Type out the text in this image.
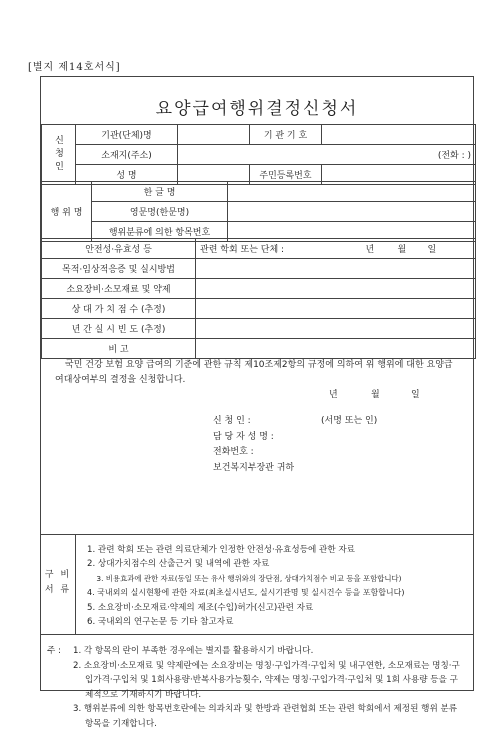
[별지 제14호서식]
요양급여행위결정신청서
신청인	기관(단체)명		기 관 기 호	
	소재지(주소)	(전화 : )		
	성 명		주민등록번호	
행 위 명	한 글 명	
	영문명(한문명)	
	행위분류에 의한 항목번호	
안전성·유효성 등	관련 학회 또는 단체 : 년 월 일

목적·임상적응증 및 실시방법	
소요장비·소모재료 및 약제	
상 대 가 치 점 수 (추정)	
년 간 실 시 빈 도 (추정)	
비 고	
국민 건강 보험 요양 급여의 기준에 관한 규칙 제10조제2항의 규정에 의하여 위 행위에 대한 요양급여대상여부의 결정을 신청합니다.
년	월	일
신 청 인 :	(서명 또는 인)
담 당 자 성 명 :
전화번호 :
보건복지부장관 귀하
구 비
서 류
1. 관련 학회 또는 관련 의료단체가 인정한 안전성·유효성등에 관한 자료
2. 상대가치점수의 산출근거 및 내역에 관한 자료
3. 비용효과에 관한 자료(동일 또는 유사 행위와의 장단점, 상대가치점수 비교 등을 포함합니다)
4. 국내외의 실시현황에 관한 자료(최초실시년도, 실시기관명 및 실시건수 등을 포함합니다)
5. 소요장비·소모재료·약제의 제조(수입)허가(신고)관련 자료
6. 국내외의 연구논문 등 기타 참고자료
주 :	1. 각 항목의 란이 부족한 경우에는 별지를 활용하시기 바랍니다.
2. 소요장비·소모재료 및 약제란에는 소요장비는 명칭·구입가격·구입처 및 내구연한, 소모재료는 명칭·구입가격·구입처 및 1회사용량·반복사용가능횟수, 약제는 명칭·구입가격·구입처 및 1회 사용량 등을 구체적으로 기재하시기 바랍니다.
3. 행위분류에 의한 항목번호란에는 의과치과 및 한방과 관련협회 또는 관련 학회에서 제정된 행위 분류 항목을 기재합니다.
